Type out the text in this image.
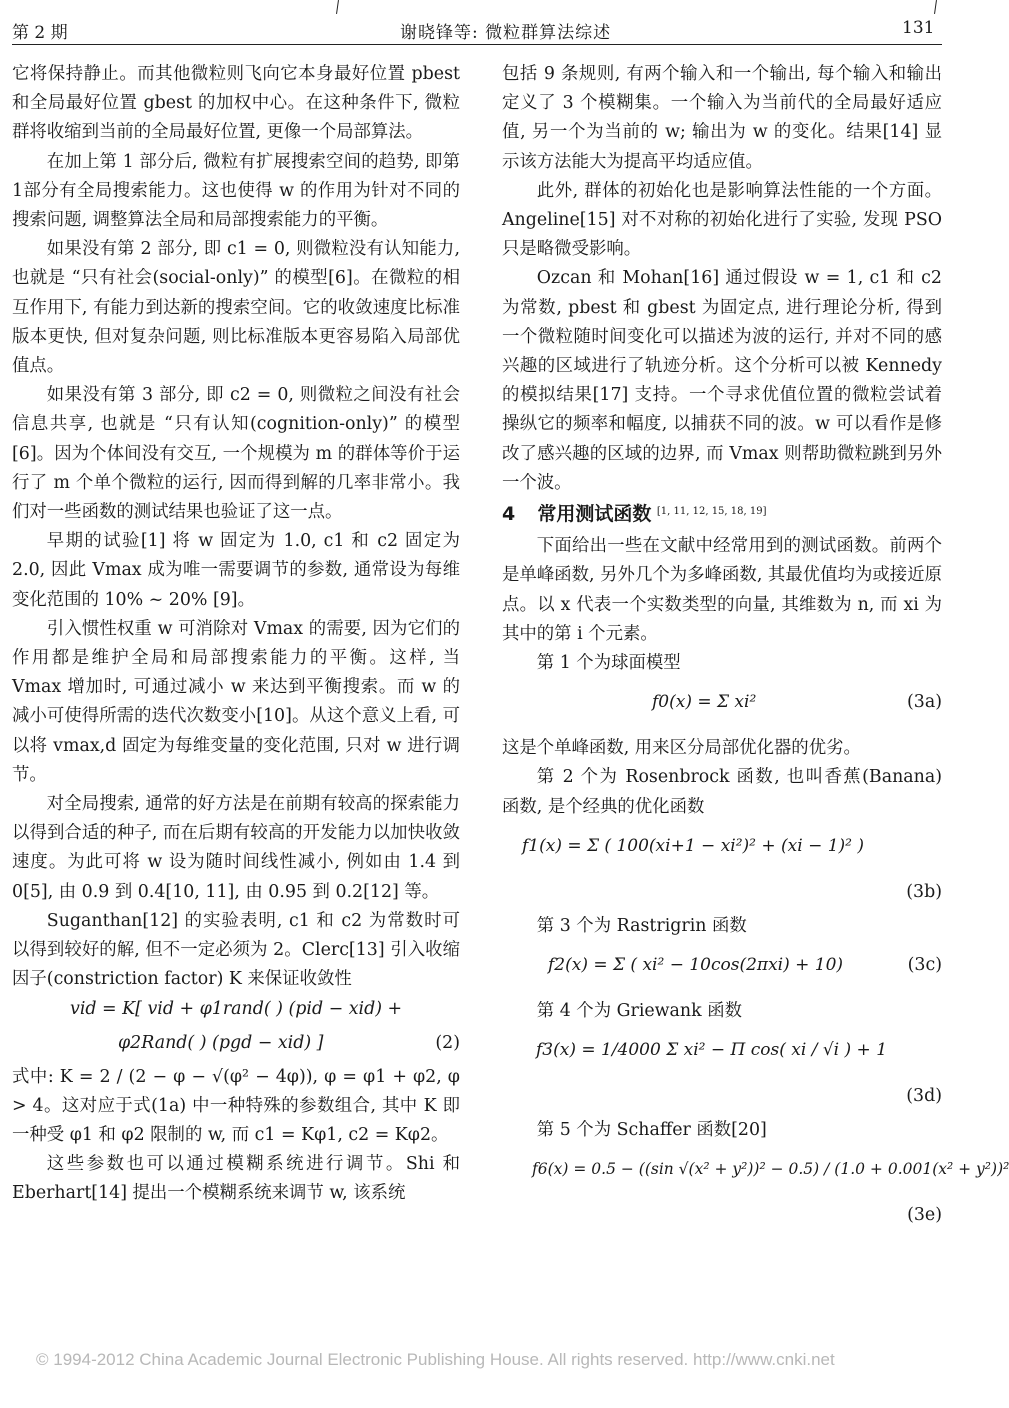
第 2 期	谢晓锋等: 微粒群算法综述	131

它将保持静止。而其他微粒则飞向它本身最好位置 pbest 和全局最好位置 gbest 的加权中心。在这种条件下, 微粒群将收缩到当前的全局最好位置, 更像一个局部算法。

在加上第 1 部分后, 微粒有扩展搜索空间的趋势, 即第1部分有全局搜索能力。这也使得 w 的作用为针对不同的搜索问题, 调整算法全局和局部搜索能力的平衡。

如果没有第 2 部分, 即 c1 = 0, 则微粒没有认知能力, 也就是 “只有社会(social-only)” 的模型[6]。在微粒的相互作用下, 有能力到达新的搜索空间。它的收敛速度比标准版本更快, 但对复杂问题, 则比标准版本更容易陷入局部优值点。

如果没有第 3 部分, 即 c2 = 0, 则微粒之间没有社会信息共享, 也就是 “只有认知(cognition-only)” 的模型[6]。因为个体间没有交互, 一个规模为 m 的群体等价于运行了 m 个单个微粒的运行, 因而得到解的几率非常小。我们对一些函数的测试结果也验证了这一点。

早期的试验[1] 将 w 固定为 1.0, c1 和 c2 固定为 2.0, 因此 Vmax 成为唯一需要调节的参数, 通常设为每维变化范围的 10% ~ 20% [9]。

引入惯性权重 w 可消除对 Vmax 的需要, 因为它们的作用都是维护全局和局部搜索能力的平衡。这样, 当 Vmax 增加时, 可通过减小 w 来达到平衡搜索。而 w 的减小可使得所需的迭代次数变小[10]。从这个意义上看, 可以将 vmax,d 固定为每维变量的变化范围, 只对 w 进行调节。

对全局搜索, 通常的好方法是在前期有较高的探索能力以得到合适的种子, 而在后期有较高的开发能力以加快收敛速度。为此可将 w 设为随时间线性减小, 例如由 1.4 到 0[5], 由 0.9 到 0.4[10, 11], 由 0.95 到 0.2[12] 等。

Suganthan[12] 的实验表明, c1 和 c2 为常数时可以得到较好的解, 但不一定必须为 2。Clerc[13] 引入收缩因子(constriction factor) K 来保证收敛性

vid = K[ vid + φ1rand( ) (pid − xid) +
φ2Rand( ) (pgd − xid) ]	(2)

式中: K = 2 / (2 − φ − √(φ² − 4φ)), φ = φ1 + φ2, φ > 4。这对应于式(1a) 中一种特殊的参数组合, 其中 K 即一种受 φ1 和 φ2 限制的 w, 而 c1 = Kφ1, c2 = Kφ2。

这些参数也可以通过模糊系统进行调节。Shi 和 Eberhart[14] 提出一个模糊系统来调节 w, 该系统

包括 9 条规则, 有两个输入和一个输出, 每个输入和输出定义了 3 个模糊集。一个输入为当前代的全局最好适应值, 另一个为当前的 w; 输出为 w 的变化。结果[14] 显示该方法能大为提高平均适应值。

此外, 群体的初始化也是影响算法性能的一个方面。Angeline[15] 对不对称的初始化进行了实验, 发现 PSO 只是略微受影响。

Ozcan 和 Mohan[16] 通过假设 w = 1, c1 和 c2 为常数, pbest 和 gbest 为固定点, 进行理论分析, 得到一个微粒随时间变化可以描述为波的运行, 并对不同的感兴趣的区域进行了轨迹分析。这个分析可以被 Kennedy 的模拟结果[17] 支持。一个寻求优值位置的微粒尝试着操纵它的频率和幅度, 以捕获不同的波。w 可以看作是修改了感兴趣的区域的边界, 而 Vmax 则帮助微粒跳到另外一个波。

4 常用测试函数 [1, 11, 12, 15, 18, 19]

下面给出一些在文献中经常用到的测试函数。前两个是单峰函数, 另外几个为多峰函数, 其最优值均为或接近原点。以 x 代表一个实数类型的向量, 其维数为 n, 而 xi 为其中的第 i 个元素。

第 1 个为球面模型

f0(x) = Σ xi²	(3a)

这是个单峰函数, 用来区分局部优化器的优劣。

第 2 个为 Rosenbrock 函数, 也叫香蕉(Banana) 函数, 是个经典的优化函数

f1(x) = Σ ( 100(xi+1 − xi²)² + (xi − 1)² )
(3b)

第 3 个为 Rastrigrin 函数

f2(x) = Σ ( xi² − 10cos(2πxi) + 10)	(3c)

第 4 个为 Griewank 函数

f3(x) = 1/4000 Σ xi² − Π cos( xi / √i ) + 1
(3d)

第 5 个为 Schaffer 函数[20]

f6(x) = 0.5 − ((sin √(x² + y²))² − 0.5) / (1.0 + 0.001(x² + y²))²
(3e)
© 1994-2012 China Academic Journal Electronic Publishing House. All rights reserved. http://www.cnki.net
